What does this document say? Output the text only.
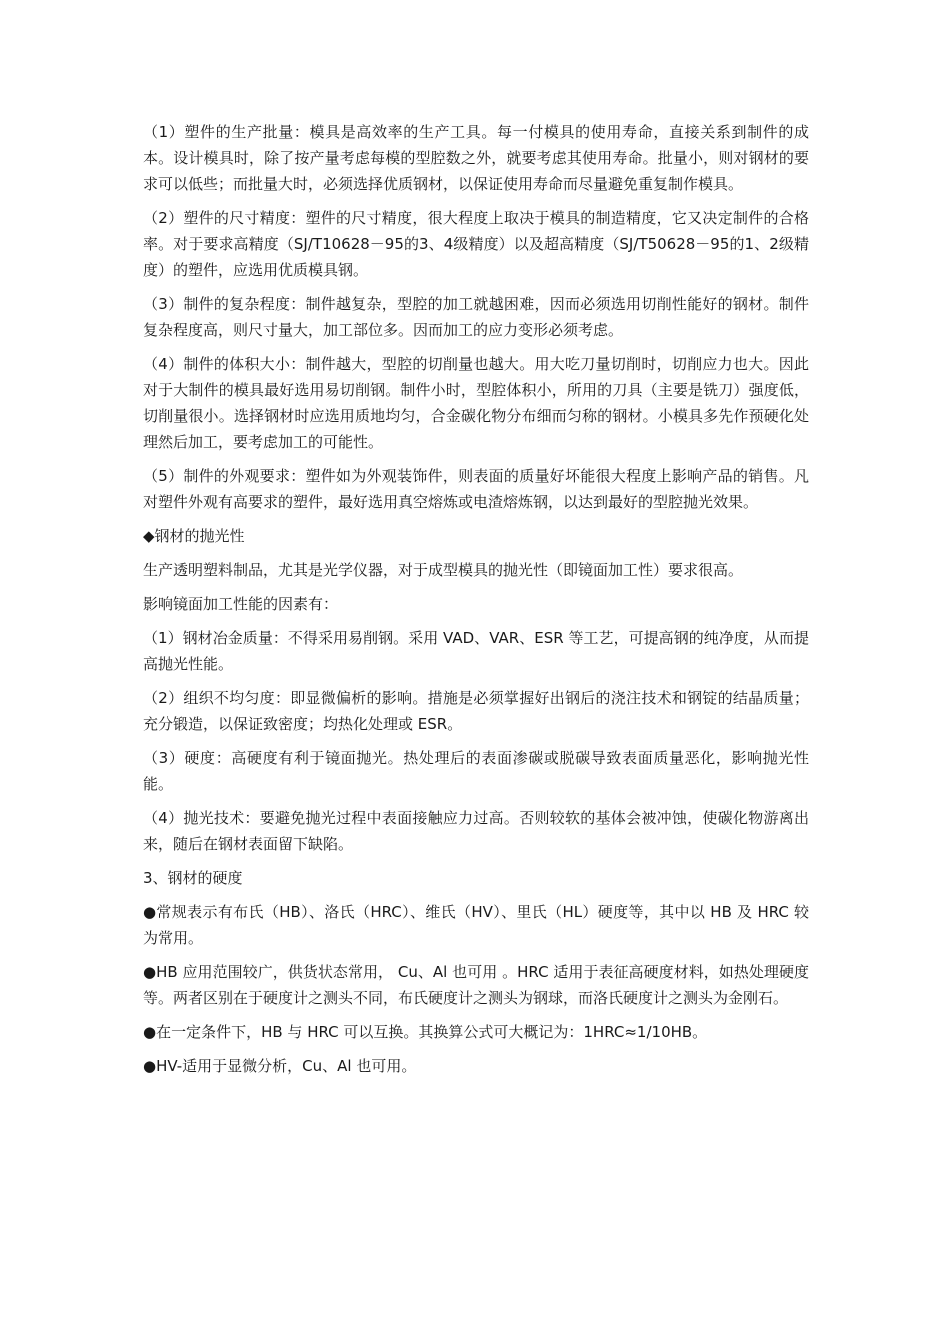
（1）塑件的生产批量：模具是高效率的生产工具。每一付模具的使用寿命，直接关系到制件的成本。设计模具时，除了按产量考虑每模的型腔数之外，就要考虑其使用寿命。批量小，则对钢材的要求可以低些；而批量大时，必须选择优质钢材，以保证使用寿命而尽量避免重复制作模具。

（2）塑件的尺寸精度：塑件的尺寸精度，很大程度上取决于模具的制造精度，它又决定制件的合格率。对于要求高精度（SJ/T10628－95的3、4级精度）以及超高精度（SJ/T50628－95的1、2级精度）的塑件，应选用优质模具钢。

（3）制件的复杂程度：制件越复杂，型腔的加工就越困难，因而必须选用切削性能好的钢材。制件复杂程度高，则尺寸量大，加工部位多。因而加工的应力变形必须考虑。

（4）制件的体积大小：制件越大，型腔的切削量也越大。用大吃刀量切削时，切削应力也大。因此对于大制件的模具最好选用易切削钢。制件小时，型腔体积小，所用的刀具（主要是铣刀）强度低，切削量很小。选择钢材时应选用质地均匀，合金碳化物分布细而匀称的钢材。小模具多先作预硬化处理然后加工，要考虑加工的可能性。

（5）制件的外观要求：塑件如为外观装饰件，则表面的质量好坏能很大程度上影响产品的销售。凡对塑件外观有高要求的塑件，最好选用真空熔炼或电渣熔炼钢，以达到最好的型腔抛光效果。

◆钢材的抛光性

生产透明塑料制品，尤其是光学仪器，对于成型模具的抛光性（即镜面加工性）要求很高。

影响镜面加工性能的因素有：

（1）钢材冶金质量：不得采用易削钢。采用 VAD、VAR、ESR 等工艺，可提高钢的纯净度，从而提高抛光性能。

（2）组织不均匀度：即显微偏析的影响。措施是必须掌握好出钢后的浇注技术和钢锭的结晶质量；充分锻造，以保证致密度；均热化处理或 ESR。

（3）硬度：高硬度有利于镜面抛光。热处理后的表面渗碳或脱碳导致表面质量恶化，影响抛光性能。

（4）抛光技术：要避免抛光过程中表面接触应力过高。否则较软的基体会被冲蚀，使碳化物游离出来，随后在钢材表面留下缺陷。

3、钢材的硬度

●常规表示有布氏（HB）、洛氏（HRC）、维氏（HV）、里氏（HL）硬度等，其中以 HB 及 HRC 较为常用。

●HB 应用范围较广，供货状态常用， Cu、Al 也可用 。HRC 适用于表征高硬度材料，如热处理硬度等。两者区别在于硬度计之测头不同，布氏硬度计之测头为钢球，而洛氏硬度计之测头为金刚石。

●在一定条件下，HB 与 HRC 可以互换。其换算公式可大概记为：1HRC≈1/10HB。

●HV-适用于显微分析，Cu、Al 也可用。
